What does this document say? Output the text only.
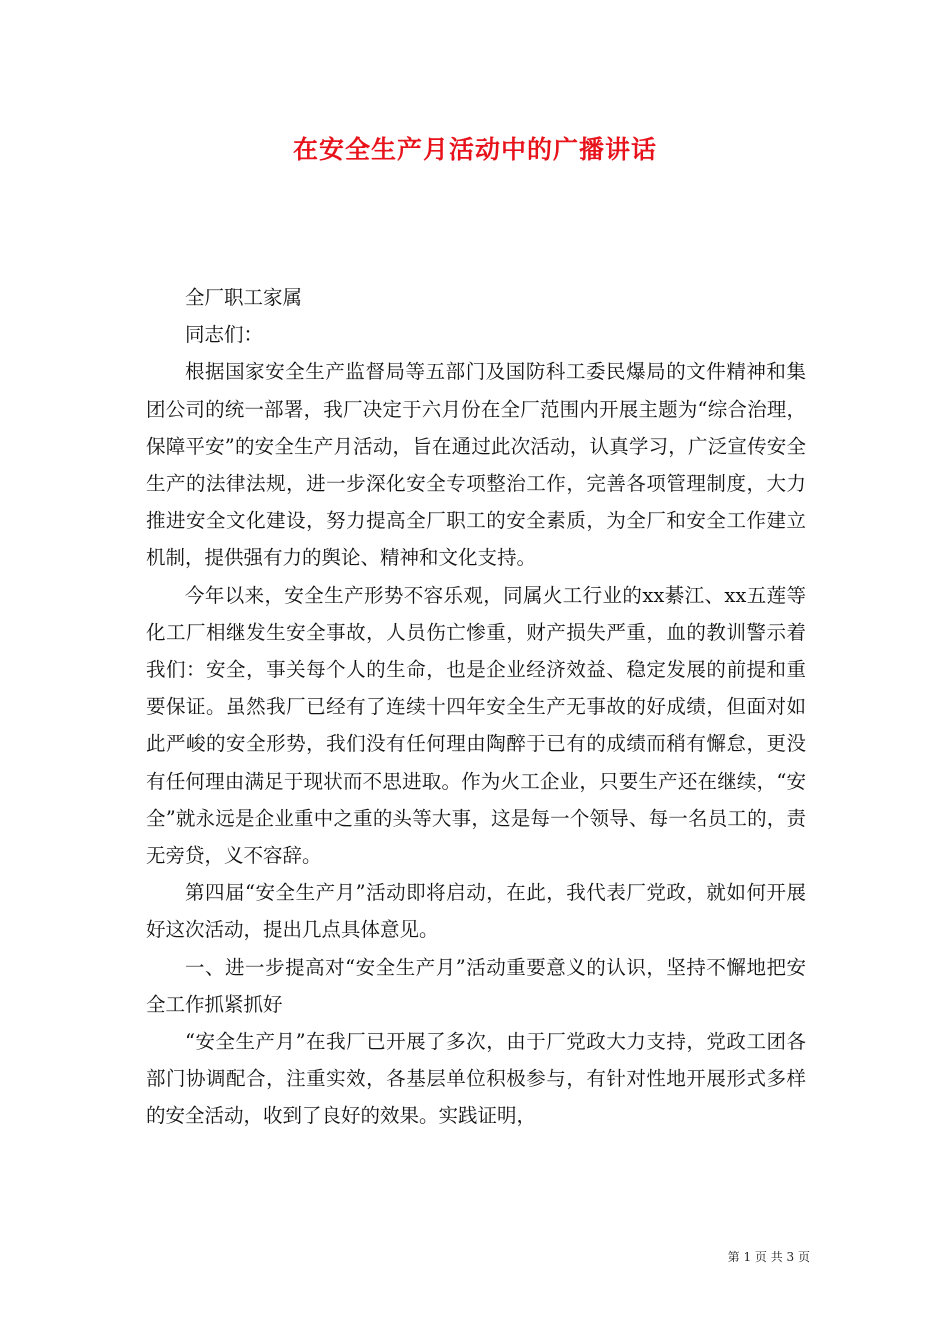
在安全生产月活动中的广播讲话

全厂职工家属

同志们：

根据国家安全生产监督局等五部门及国防科工委民爆局的文件精神和集团公司的统一部署，我厂决定于六月份在全厂范围内开展主题为“综合治理，保障平安”的安全生产月活动，旨在通过此次活动，认真学习，广泛宣传安全生产的法律法规，进一步深化安全专项整治工作，完善各项管理制度，大力推进安全文化建设，努力提高全厂职工的安全素质，为全厂和安全工作建立机制，提供强有力的舆论、精神和文化支持。

今年以来，安全生产形势不容乐观，同属火工行业的xx綦江、xx五莲等化工厂相继发生安全事故，人员伤亡惨重，财产损失严重，血的教训警示着我们：安全，事关每个人的生命，也是企业经济效益、稳定发展的前提和重要保证。虽然我厂已经有了连续十四年安全生产无事故的好成绩，但面对如此严峻的安全形势，我们没有任何理由陶醉于已有的成绩而稍有懈怠，更没有任何理由满足于现状而不思进取。作为火工企业，只要生产还在继续，“安全”就永远是企业重中之重的头等大事，这是每一个领导、每一名员工的，责无旁贷，义不容辞。

第四届“安全生产月”活动即将启动，在此，我代表厂党政，就如何开展好这次活动，提出几点具体意见。

一、进一步提高对“安全生产月”活动重要意义的认识，坚持不懈地把安全工作抓紧抓好

“安全生产月”在我厂已开展了多次，由于厂党政大力支持，党政工团各部门协调配合，注重实效，各基层单位积极参与，有针对性地开展形式多样的安全活动，收到了良好的效果。实践证明，

第 1 页 共 3 页
